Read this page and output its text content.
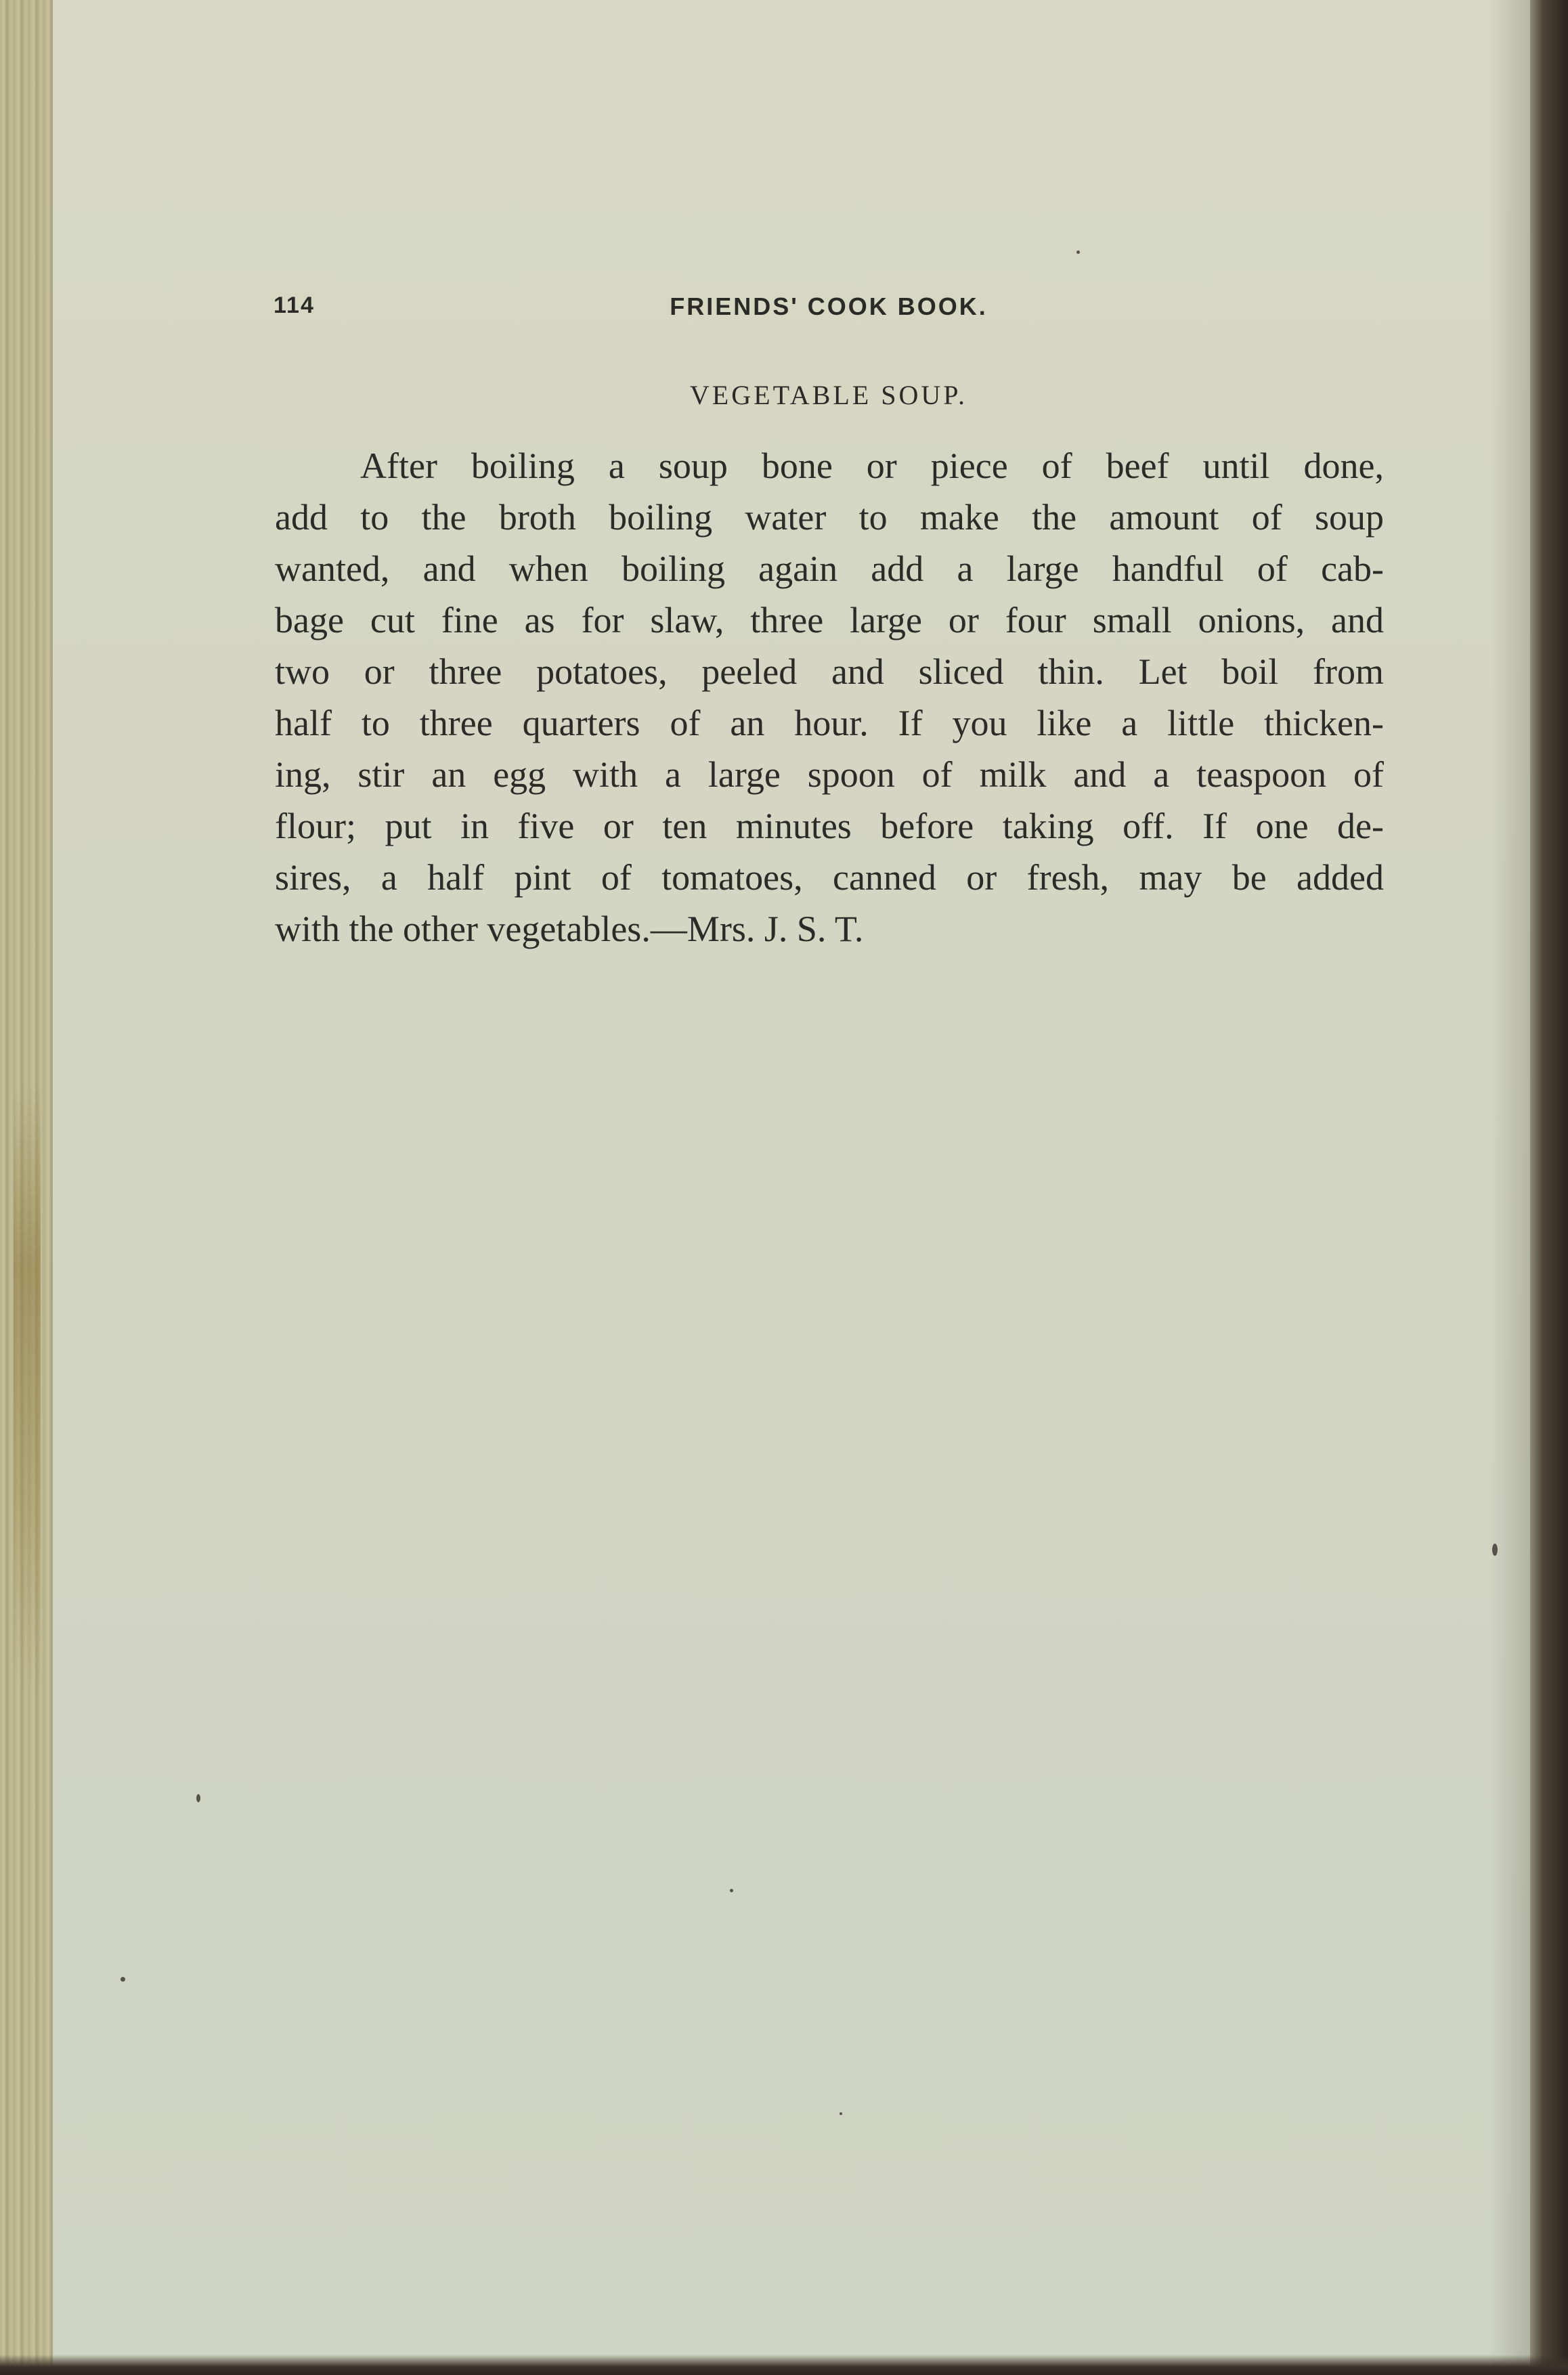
114	FRIENDS' COOK BOOK.
VEGETABLE SOUP.
After boiling a soup bone or piece of beef until done,
add to the broth boiling water to make the amount of soup
wanted, and when boiling again add a large handful of cab-
bage cut fine as for slaw, three large or four small onions, and
two or three potatoes, peeled and sliced thin. Let boil from
half to three quarters of an hour. If you like a little thicken-
ing, stir an egg with a large spoon of milk and a teaspoon of
flour; put in five or ten minutes before taking off. If one de-
sires, a half pint of tomatoes, canned or fresh, may be added
with the other vegetables.—Mrs. J. S. T.
